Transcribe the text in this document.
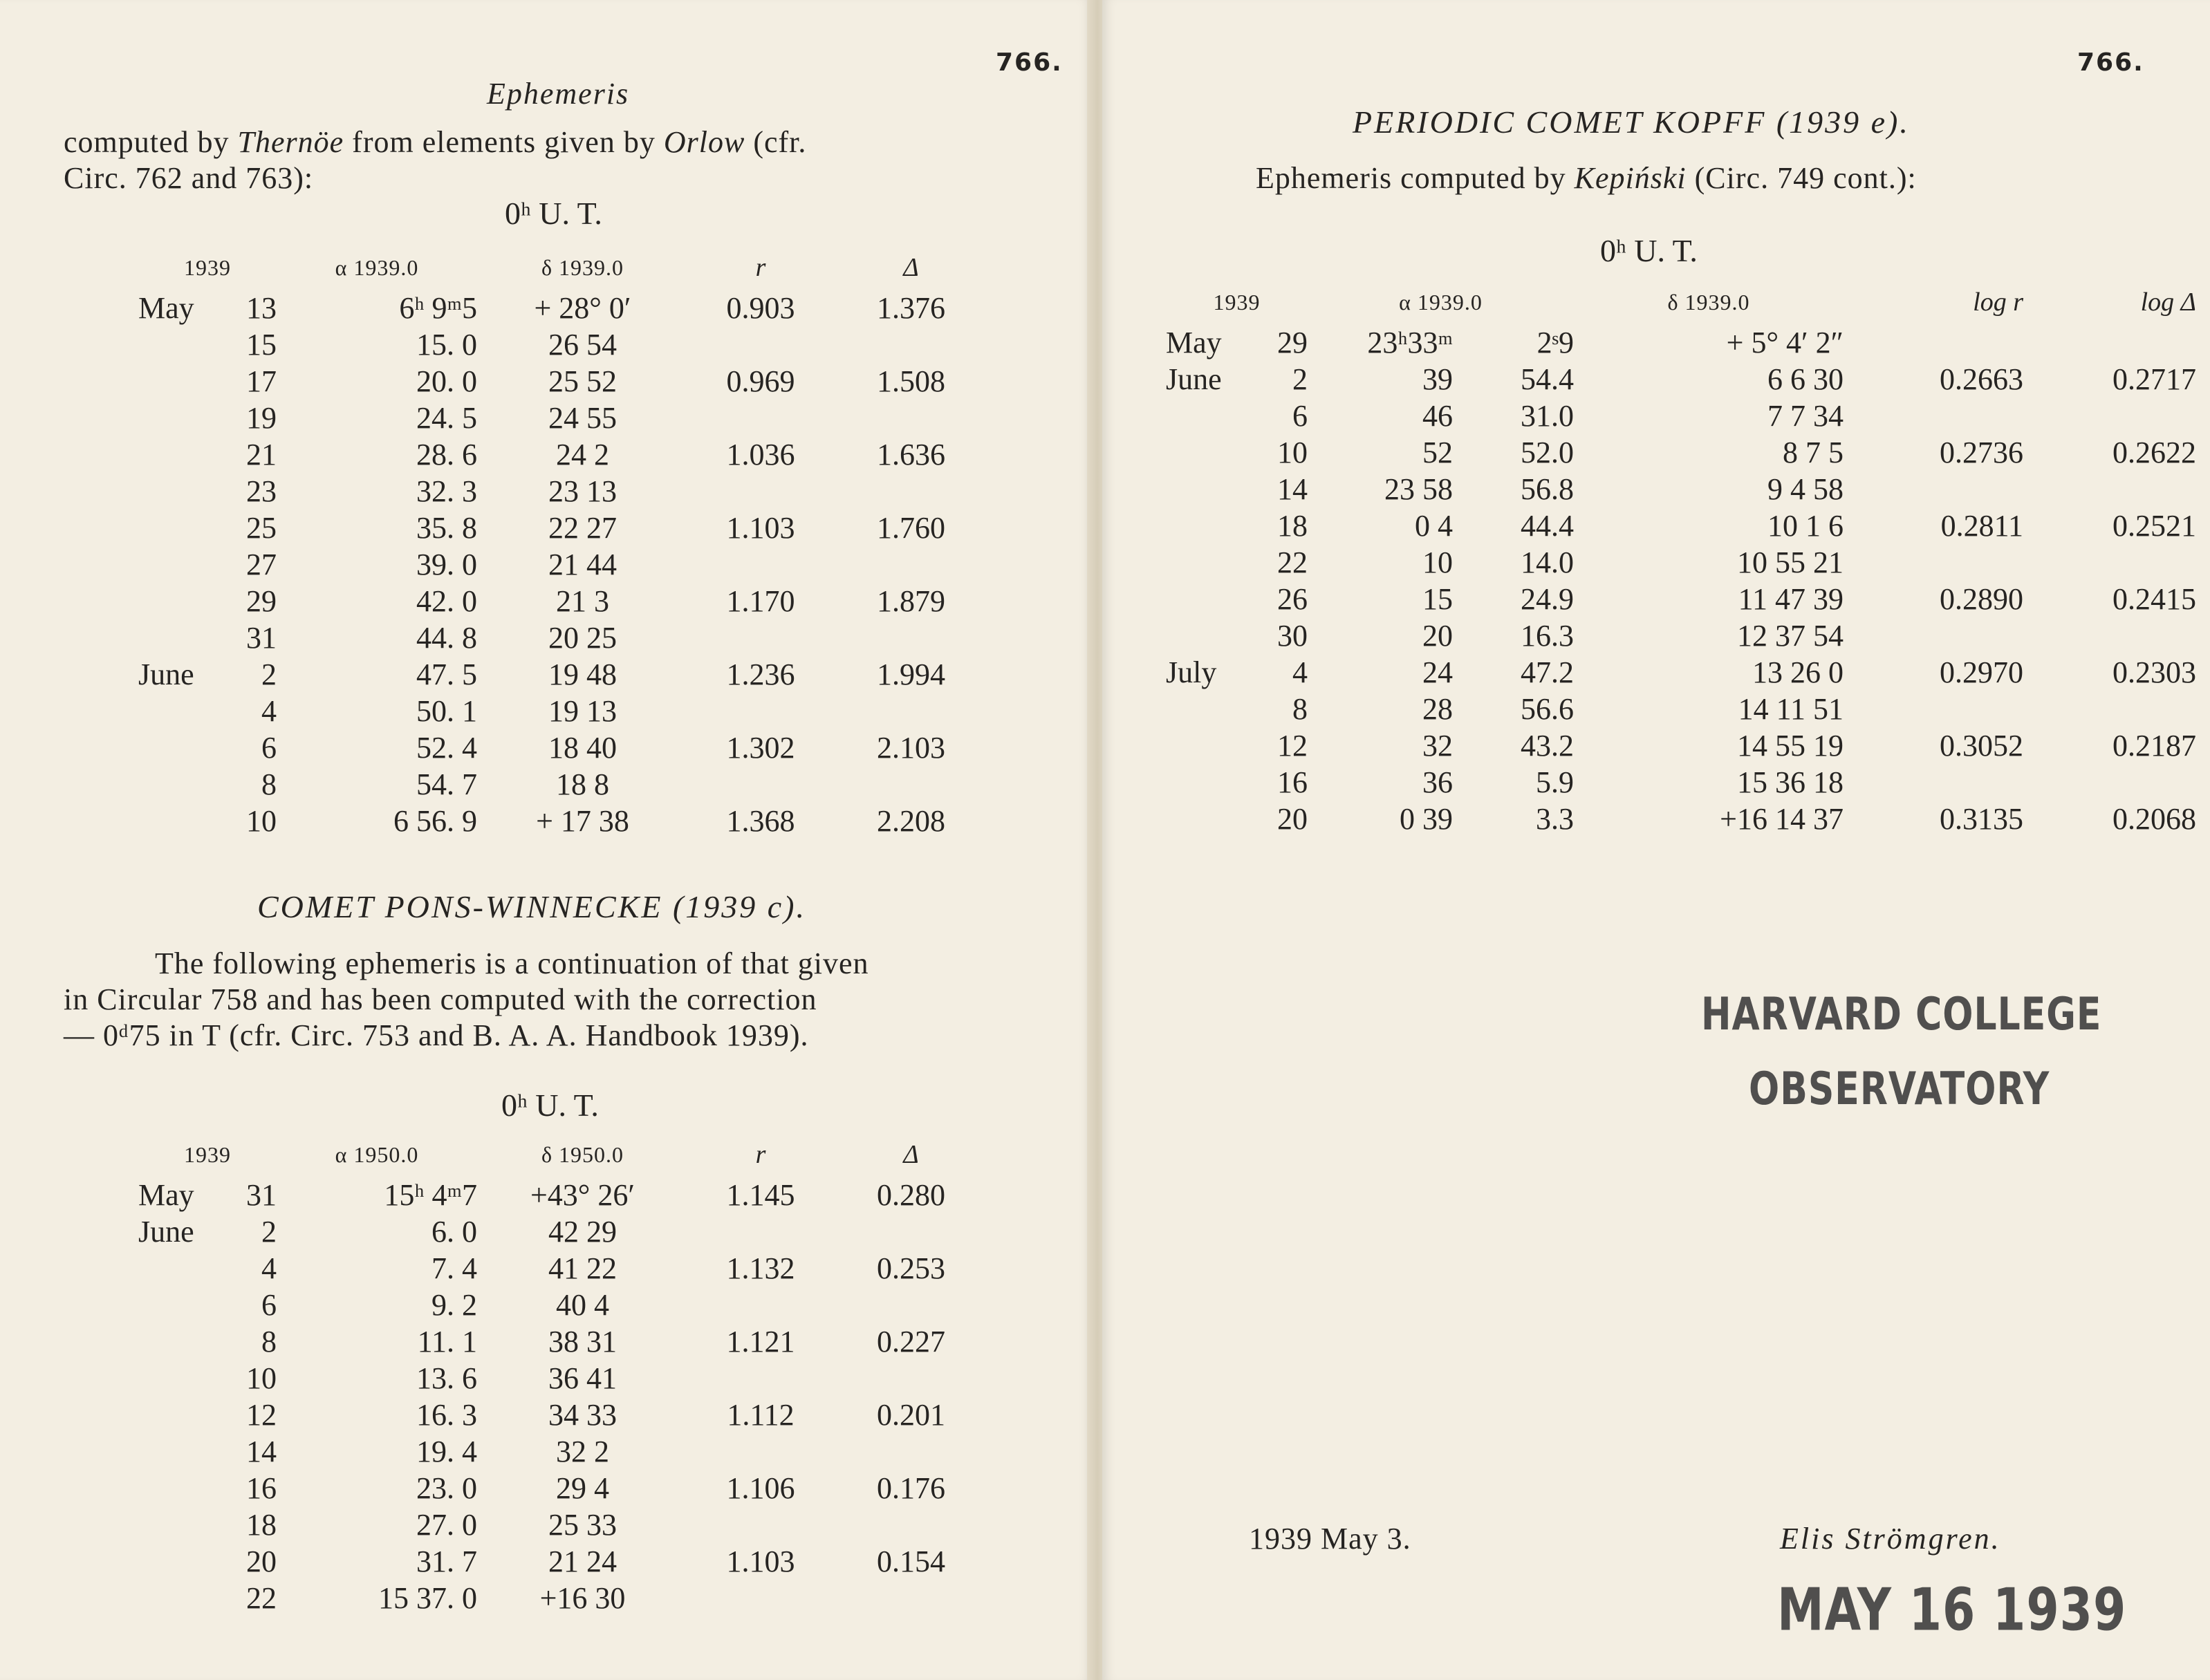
766.
Ephemeris
computed by Thernöe from elements given by Orlow (cfr.
Circ. 762 and 763):
0ʰ U. T.
1939		α 1939.0	δ 1939.0	r	Δ
May	13	6ʰ 9ᵐ5	+ 28° 0′	0.903	1.376
	15	15. 0	26 54		
	17	20. 0	25 52	0.969	1.508
	19	24. 5	24 55		
	21	28. 6	24 2	1.036	1.636
	23	32. 3	23 13		
	25	35. 8	22 27	1.103	1.760
	27	39. 0	21 44		
	29	42. 0	21 3	1.170	1.879
	31	44. 8	20 25		
June	2	47. 5	19 48	1.236	1.994
	4	50. 1	19 13		
	6	52. 4	18 40	1.302	2.103
	8	54. 7	18 8		
	10	6 56. 9	+ 17 38	1.368	2.208
COMET PONS-WINNECKE (1939 c).
The following ephemeris is a continuation of that given
in Circular 758 and has been computed with the correction
— 0ᵈ75 in T (cfr. Circ. 753 and B. A. A. Handbook 1939).
0ʰ U. T.
1939		α 1950.0	δ 1950.0	r	Δ
May	31	15ʰ 4ᵐ7	+43° 26′	1.145	0.280
June	2	6. 0	42 29		
	4	7. 4	41 22	1.132	0.253
	6	9. 2	40 4		
	8	11. 1	38 31	1.121	0.227
	10	13. 6	36 41		
	12	16. 3	34 33	1.112	0.201
	14	19. 4	32 2		
	16	23. 0	29 4	1.106	0.176
	18	27. 0	25 33		
	20	31. 7	21 24	1.103	0.154
	22	15 37. 0	+16 30		
766.
PERIODIC COMET KOPFF (1939 e).
Ephemeris computed by Kepiński (Circ. 749 cont.):
0ʰ U. T.
1939		α 1939.0		δ 1939.0	log r	log Δ
May	29	23ʰ33ᵐ	2ˢ9	+ 5° 4′ 2″		
June	2	39	54.4	6 6 30	0.2663	0.2717
	6	46	31.0	7 7 34		
	10	52	52.0	8 7 5	0.2736	0.2622
	14	23 58	56.8	9 4 58		
	18	0 4	44.4	10 1 6	0.2811	0.2521
	22	10	14.0	10 55 21		
	26	15	24.9	11 47 39	0.2890	0.2415
	30	20	16.3	12 37 54		
July	4	24	47.2	13 26 0	0.2970	0.2303
	8	28	56.6	14 11 51		
	12	32	43.2	14 55 19	0.3052	0.2187
	16	36	5.9	15 36 18		
	20	0 39	3.3	+16 14 37	0.3135	0.2068
HARVARD COLLEGE
OBSERVATORY
1939 May 3.	Elis Strömgren.
MAY 16 1939
